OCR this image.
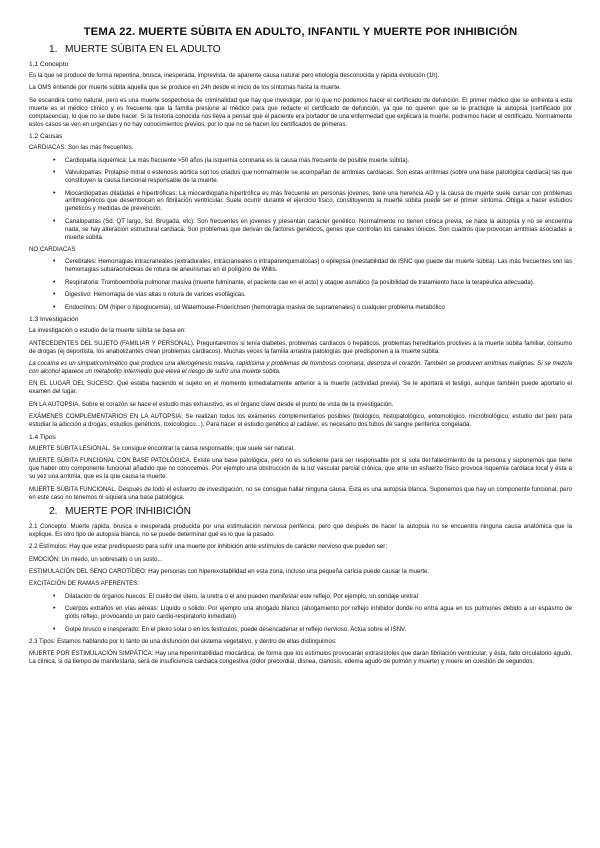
TEMA 22. MUERTE SÚBITA EN ADULTO, INFANTIL Y MUERTE POR INHIBICIÓN
1. MUERTE SÚBITA EN EL ADULTO
1.1 Concepto

Es la que se produce de forma repentina, brusca, inesperada, imprevista, de aparente causa natural pero etiología desconocida y rápida evolución (1h).

La OMS entiende por muerte súbita aquella que se produce en 24h desde el inicio de los síntomas hasta la muerte.

Se escandira como natural, pero es una muerte sospechosa de criminalidad que hay que investigar, por lo que no podemos hacer el certificado de defunción. El primer médico que se enfrenta a esta muerte es el médico clínico y es frecuente que la familia presione al médico para que redacte el certificado de defunción, ya que no quieren que se le practique la autopsia (certificado por complacencia), lo que no se debe hacer. Si la historia conocida nos lleva a pensar que el paciente era portador de una enfermedad que explicara la muerte, podremos hacer el certificado. Normalmente estos casos se ven en urgencias y no hay conocimientos previos, por lo que no se hacen los certificados de primeras.

1.2 Causas

CARDIACAS: Son las más frecuentes.

• Cardiopatía isquémica: La más frecuente >50 años (la isquemia coronaria es la causa más frecuente de posible muerte súbita).
• Valvulopatías: Prolapso mitral o estenosis aórtica son los criados que normalmente se acompañan de arritmias cardiacas. Son estas arritmias (sobre una base patológica cardiaca) las que constituyen la causa funcional responsable de la muerte.
• Miocardiopatías dilatadas e hipertróficas: La miocardiopatía hipertrófica es más frecuente en personas jóvenes, tiene una herencia AD y la causa de muerte suele cursar con problemas arritmogénicos que desembocan en fibrilación ventricular. Suele ocurrir durante el ejercicio físico, constituyendo la muerte súbita puede ser el primer síntoma. Obliga a hacer estudios genéticos y medidas de prevención.
• Canalopatías (Sd. QT largo, Sd. Brugada, etc): Son frecuentes en jóvenes y presentan carácter genético. Normalmente no tienen clínica previa, se hace la autopsia y no se encuentra nada, se hay alteración estructural cardiaca. Son problemas que derivan de factores genéticos, genes que controlan los canales iónicos. Son cuadros que provocan arritmias asociadas a muerte súbita.

NO CARDIACAS

• Cerebrales: Hemorragias intracraneales (extradurales, intracraneales o intraparenquimatosas) o epilepsia (inestabilidad de ISNC que puede dar muerte súbita). Las más frecuentes son las hemorragias subaracnoideas de rotura de aneurismas en el polígono de Willis.
• Respiratoria: Tromboembolia pulmonar masiva (muerte fulminante, el paciente cae en el acto) y ataque asmático (la posibilidad de tratamiento hace la terapéutica adecuada).
• Digestivo: Hemorragia de vías altas o rotura de varices esofágicas.
• Endocrinos: DM (hiper o hipoglucemia), sd Waterhouse-Friderichsen (hemorragia masiva de suprarrenales) o cualquier problema metabólico
1.3 Investigación

La investigación o estudio de la muerte súbita se basa en:

ANTECEDENTES DEL SUJETO (FAMILIAR Y PERSONAL). Preguntaremos si tenía diabetes, problemas cardiacos o hepáticos, problemas hereditarios proclives a la muerte súbita familiar, consumo de drogas (ej deportista, los anabolizantes crean problemas cardiacos). Muchas veces la familia arrastra patologías que predisponen a la muerte súbita.

La cocaína es un simpaticomimético que produce una aterogénesis masiva, rapidísima y problemas de trombosis coronaria, destroza el corazón. También se producen arritmias malignas. Si se mezcla con alcohol aparece un metabolito intermedio que eleva el riesgo de sufrir una muerte súbita.

EN EL LUGAR DEL SUCESO: Qué estaba haciendo el sujeto en el momento inmediatamente anterior a la muerte (actividad previa). Se le aportará el testigo, aunque también puede aportarlo el examen del lugar.

EN LA AUTOPSIA. Sobre el corazón se hace el estudio más exhaustivo, es el órgano clave desde el punto de vista de la investigación.

EXÁMENES COMPLEMENTARIOS EN LA AUTOPSIA: Se realizan todos los exámenes complementarios posibles (biológico, histopatológico, entomológico, microbiológico, estudio del pelo para estudiar la adicción a drogas, estudios genéticos, toxicológico...). Para hacer el estudio genético al cadáver, es necesario dos tubos de sangre periférica congelada.

1.4 Tipos

MUERTE SÚBITA LESIONAL. Se consigue encontrar la causa responsable, que suele ser natural.

MUERTE SÚBITA FUNCIONAL CON BASE PATOLÓGICA. Existe una base patológica, pero no es suficiente para ser responsable por sí sola del fallecimiento de la persona y suponemos que tiene que haber otro componente funcional añadido que no conocemos. Por ejemplo una obstrucción de la luz vascular parcial crónica, que ante un esfuerzo físico provoca isquemia cardiaca local y ésta a su vez una arritmia, que es la que causa la muerte.

MUERTE SÚBITA FUNCIONAL. Después de todo el esfuerzo de investigación, no se consigue hallar ninguna causa. Esta es una autopsia blanca. Suponemos que hay un componente funcional, pero en este caso no tenemos ni siquiera una base patológica.

2. MUERTE POR INHIBICIÓN

2.1 Concepto: Muerte rápida, brusca e inesperada producida por una estimulación nerviosa periférica, pero que después de hacer la autopsia no se encuentra ninguna causa anatómica que la explique. Es otro tipo de autopsia blanca, no se puede determinar qué es lo que la pasado.

2.2 Estímulos: Hay que estar predispuesto para sufrir una muerte por inhibición ante estímulos de carácter nervioso que pueden ser;

EMOCIÓN: Un miedo, un sobresalto o un susto...

ESTIMULACIÓN DEL SENO CAROTÍDEO: Hay personas con hiperexcitabilidad en esta zona, incluso una pequeña caricia puede causar la muerte.

EXCITACIÓN DE RAMAS AFERENTES:

• Dilatación de órganos huecos: El cuello del útero, la uretra o el ano pueden manifestar este reflejo. Por ejemplo, un sondaje uretral
• Cuerpos extraños en vías aéreas: Líquido o sólido. Por ejemplo una ahogado blanco (ahogamiento por reflejo inhibidor donde no entra agua en los pulmones debido a un espasmo de glotis reflejo, provocando un paro cardio-respiratorio inmediato)
• Golpe brusco e inesperado: En el plexo solar o en los testículos, puede desencadenar el reflejo nervioso. Actúa sobre el ISNV.

2.3 Tipos: Estamos hablando por lo tanto de una disfunción del sistema vegetativo, y dentro de ellas distinguimos:

MUERTE POR ESTIMULACIÓN SIMPÁTICA: Hay una hiperirritabilidad miocárdica, de forma que los estímulos provocarán extrasístoles que darán fibrilación ventricular, y ésta, fallo circulatorio agudo. La clínica, si da tiempo de manifestarla, será de insuficiencia cardiaca congestiva (dolor precordial, disnea, cianosis, edema agudo de pulmón y muerte) y muere en cuestión de segundos.
